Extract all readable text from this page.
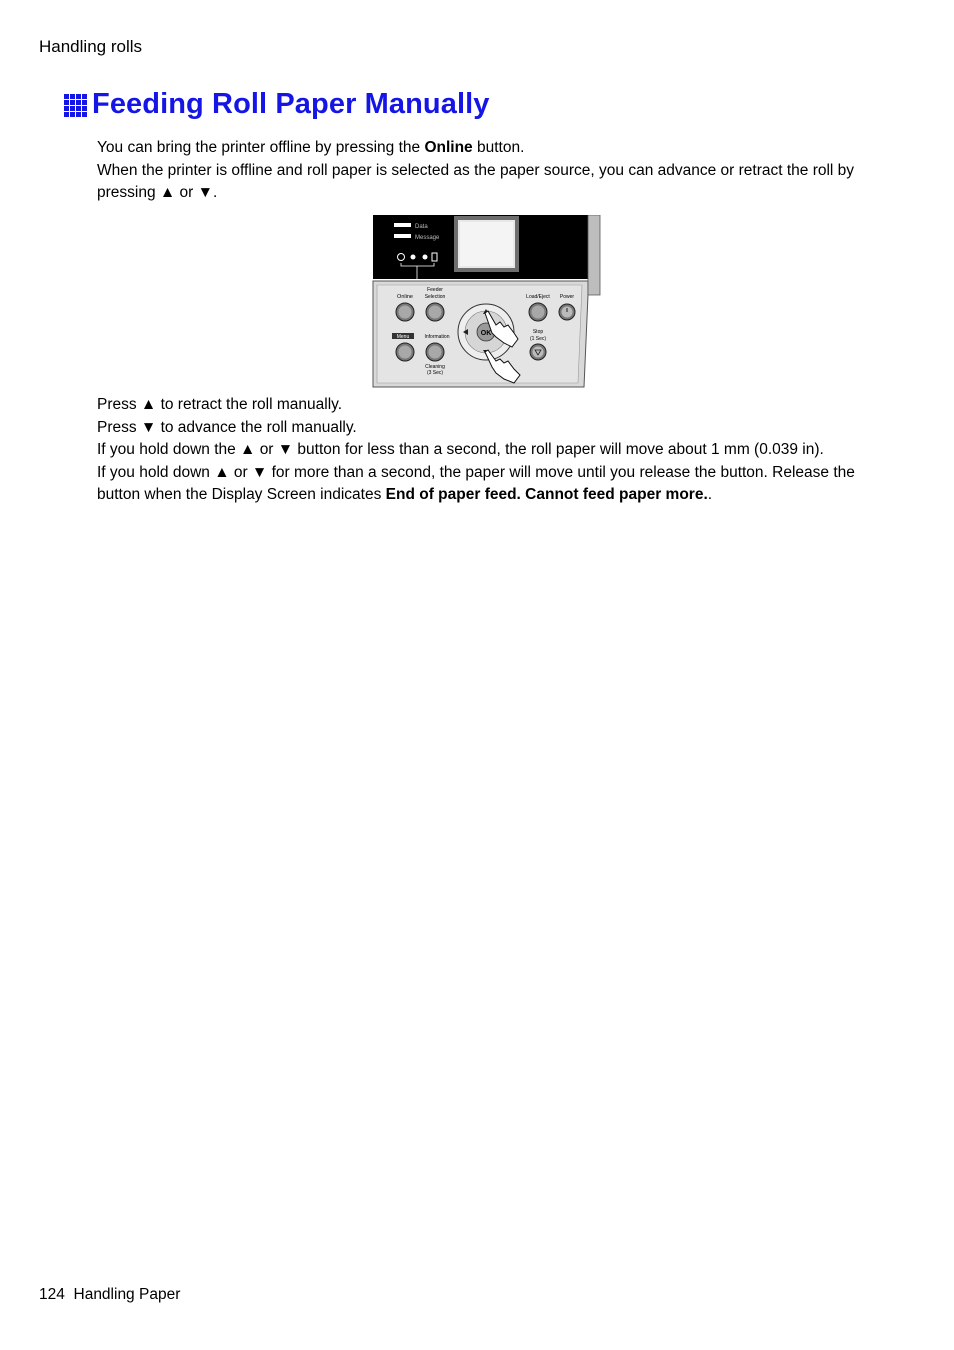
Handling rolls
Feeding Roll Paper Manually
You can bring the printer offline by pressing the Online button.
When the printer is offline and roll paper is selected as the paper source, you can advance or retract the roll by pressing ▲ or ▼.
Data
Message
Online
Feeder
Selection	Load/Eject Power
Menu	Information
Cleaning
(3 Sec)
Stop
(1 Sec)
OK
Press ▲ to retract the roll manually.
Press ▼ to advance the roll manually.
If you hold down the ▲ or ▼ button for less than a second, the roll paper will move about 1 mm (0.039 in).
If you hold down ▲ or ▼ for more than a second, the paper will move until you release the button. Release the button when the Display Screen indicates End of paper feed. Cannot feed paper more..
124 Handling Paper
